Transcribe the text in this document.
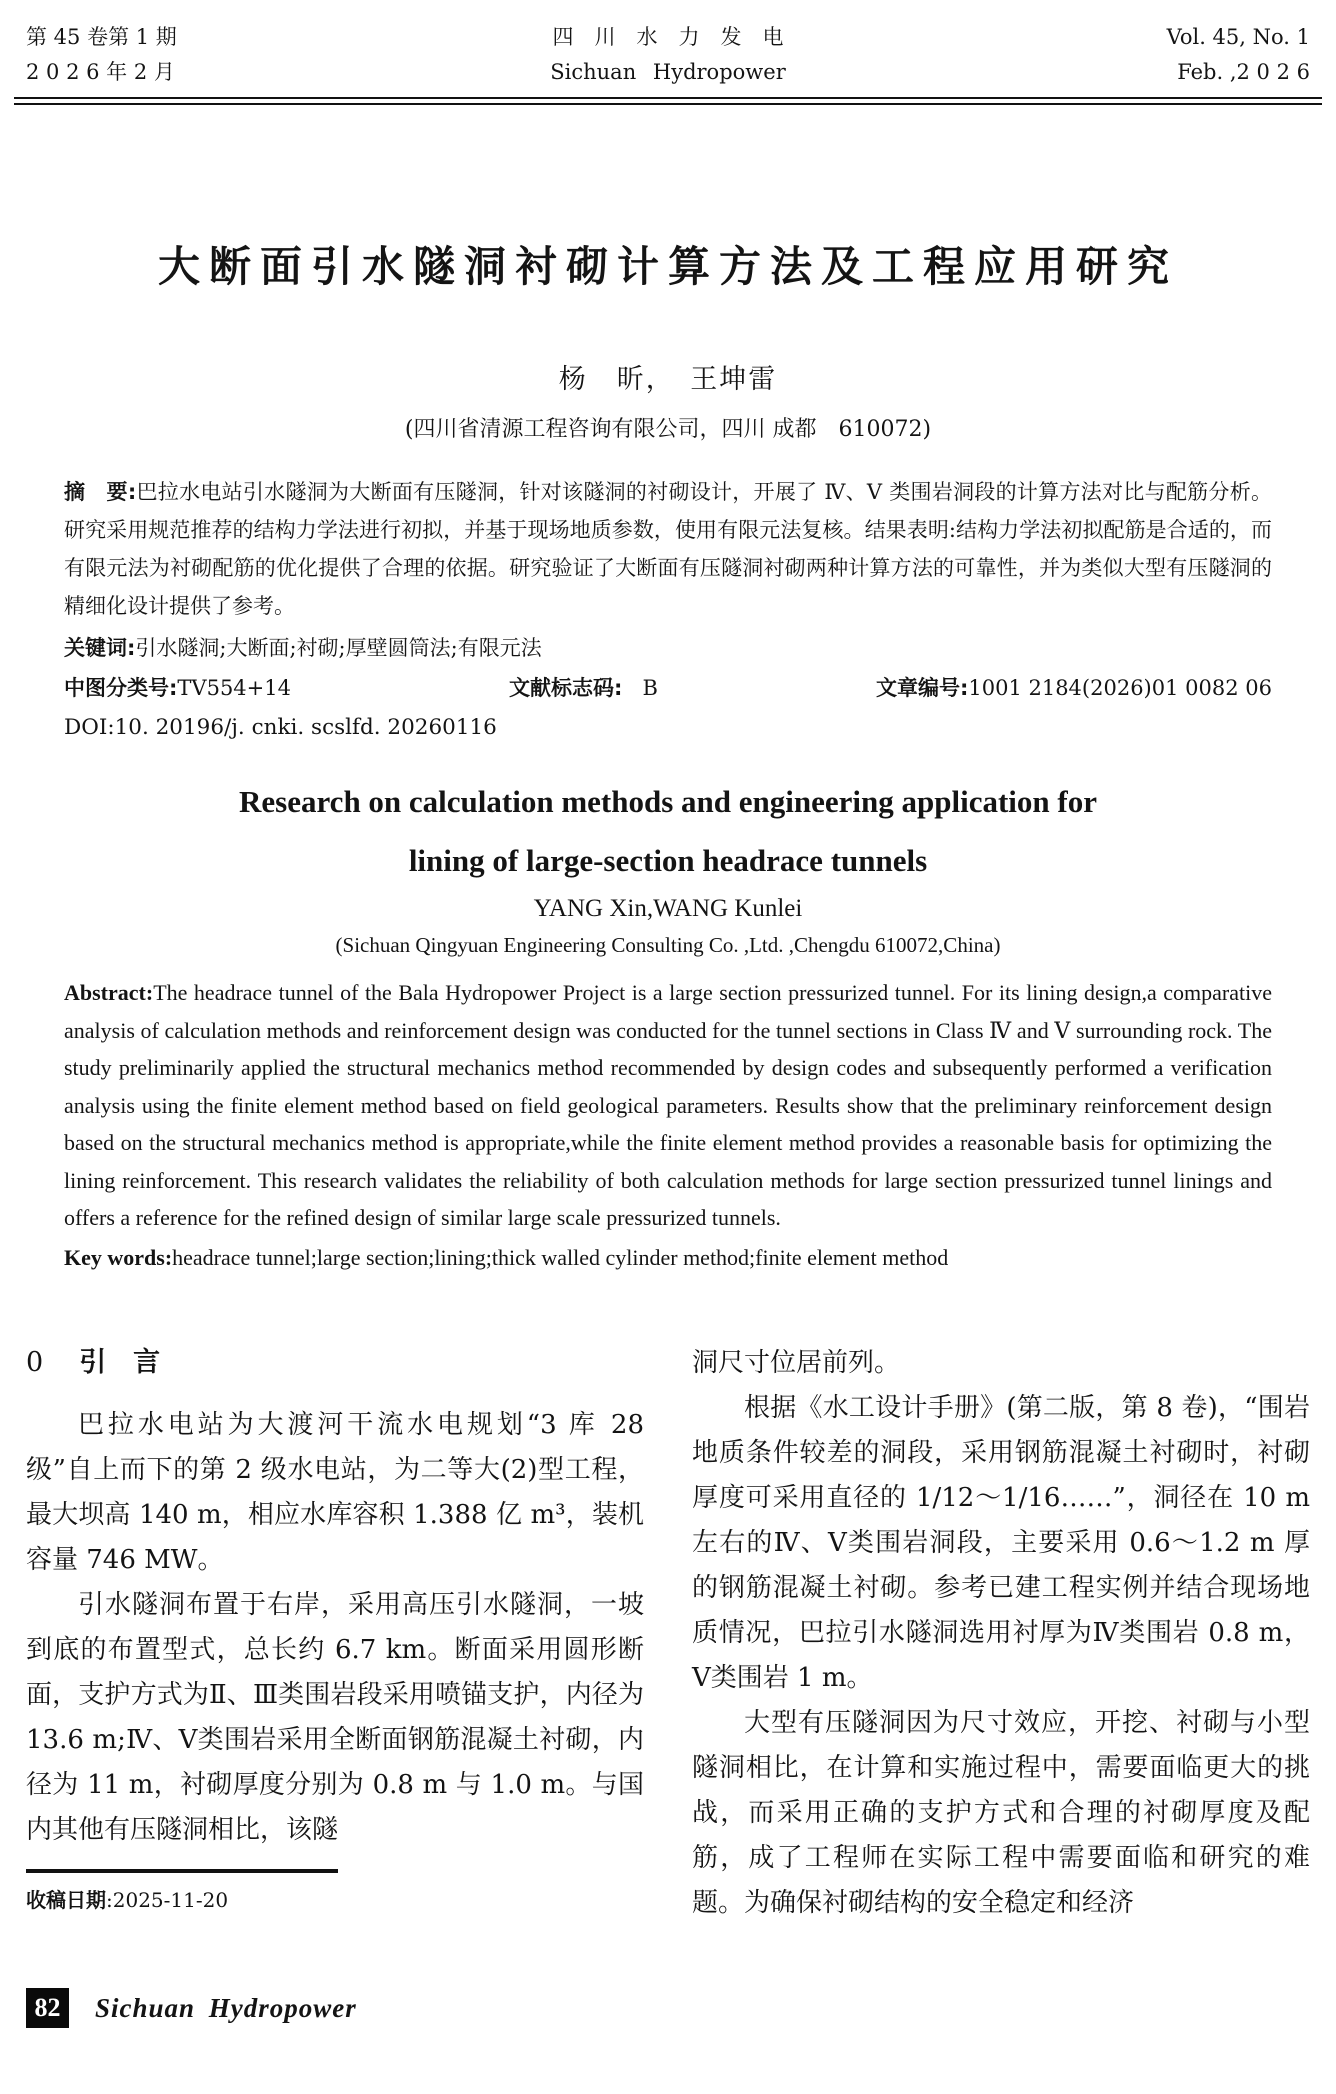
第 45 卷第 1 期
2 0 2 6 年 2 月
四　川　水　力　发　电
Sichuan Hydropower
Vol. 45, No. 1
Feb. ,2 0 2 6
大断面引水隧洞衬砌计算方法及工程应用研究
杨　昕，　王坤雷
(四川省清源工程咨询有限公司，四川 成都　610072)

摘　要:巴拉水电站引水隧洞为大断面有压隧洞，针对该隧洞的衬砌设计，开展了 Ⅳ、Ⅴ 类围岩洞段的计算方法对比与配筋分析。研究采用规范推荐的结构力学法进行初拟，并基于现场地质参数，使用有限元法复核。结果表明:结构力学法初拟配筋是合适的，而有限元法为衬砌配筋的优化提供了合理的依据。研究验证了大断面有压隧洞衬砌两种计算方法的可靠性，并为类似大型有压隧洞的精细化设计提供了参考。

关键词:引水隧洞;大断面;衬砌;厚壁圆筒法;有限元法

中图分类号:TV554+14	文献标志码: B	文章编号:1001 2184(2026)01 0082 06
DOI:10. 20196/j. cnki. scslfd. 20260116
Research on calculation methods and engineering application for
lining of large-section headrace tunnels
YANG Xin,WANG Kunlei
(Sichuan Qingyuan Engineering Consulting Co. ,Ltd. ,Chengdu 610072,China)

Abstract:The headrace tunnel of the Bala Hydropower Project is a large section pressurized tunnel. For its lining design,a comparative analysis of calculation methods and reinforcement design was conducted for the tunnel sections in Class Ⅳ and Ⅴ surrounding rock. The study preliminarily applied the structural mechanics method recommended by design codes and subsequently performed a verification analysis using the finite element method based on field geological parameters. Results show that the preliminary reinforcement design based on the structural mechanics method is appropriate,while the finite element method provides a reasonable basis for optimizing the lining reinforcement. This research validates the reliability of both calculation methods for large section pressurized tunnel linings and offers a reference for the refined design of similar large scale pressurized tunnels.

Key words:headrace tunnel;large section;lining;thick walled cylinder method;finite element method

0 引　言

巴拉水电站为大渡河干流水电规划“3 库 28 级”自上而下的第 2 级水电站，为二等大(2)型工程，最大坝高 140 m，相应水库容积 1.388 亿 m³，装机容量 746 MW。

引水隧洞布置于右岸，采用高压引水隧洞，一坡到底的布置型式，总长约 6.7 km。断面采用圆形断面，支护方式为Ⅱ、Ⅲ类围岩段采用喷锚支护，内径为 13.6 m;Ⅳ、Ⅴ类围岩采用全断面钢筋混凝土衬砌，内径为 11 m，衬砌厚度分别为 0.8 m 与 1.0 m。与国内其他有压隧洞相比，该隧

收稿日期:2025-11-20

洞尺寸位居前列。

根据《水工设计手册》(第二版，第 8 卷)，“围岩地质条件较差的洞段，采用钢筋混凝土衬砌时，衬砌厚度可采用直径的 1/12～1/16……”，洞径在 10 m 左右的Ⅳ、Ⅴ类围岩洞段，主要采用 0.6～1.2 m 厚的钢筋混凝土衬砌。参考已建工程实例并结合现场地质情况，巴拉引水隧洞选用衬厚为Ⅳ类围岩 0.8 m，Ⅴ类围岩 1 m。

大型有压隧洞因为尺寸效应，开挖、衬砌与小型隧洞相比，在计算和实施过程中，需要面临更大的挑战，而采用正确的支护方式和合理的衬砌厚度及配筋，成了工程师在实际工程中需要面临和研究的难题。为确保衬砌结构的安全稳定和经济

82	Sichuan Hydropower
